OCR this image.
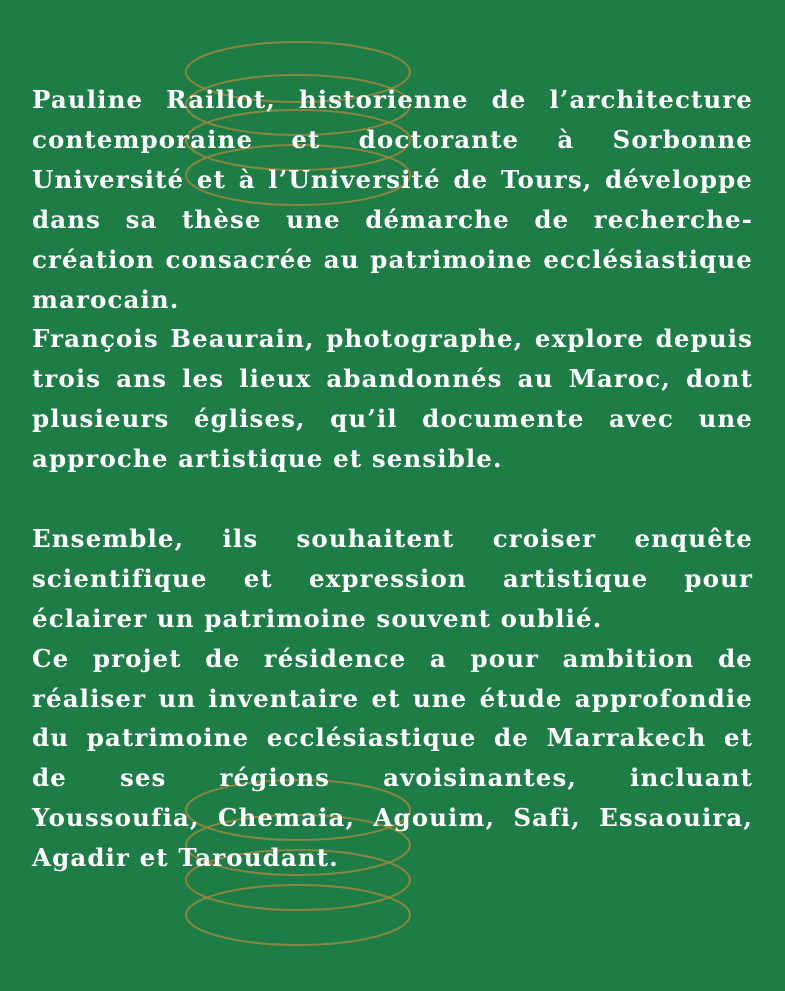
Pauline Raillot, historienne de l’architecture contemporaine et doctorante à Sorbonne Université et à l’Université de Tours, développe dans sa thèse une démarche de recherche-création consacrée au patrimoine ecclésiastique marocain.

François Beaurain, photographe, explore depuis trois ans les lieux abandonnés au Maroc, dont plusieurs églises, qu’il documente avec une approche artistique et sensible.

Ensemble, ils souhaitent croiser enquête scientifique et expression artistique pour éclairer un patrimoine souvent oublié.

Ce projet de résidence a pour ambition de réaliser un inventaire et une étude approfondie du patrimoine ecclésiastique de Marrakech et de ses régions avoisinantes, incluant Youssoufia, Chemaia, Agouim, Safi, Essaouira, Agadir et Taroudant.
